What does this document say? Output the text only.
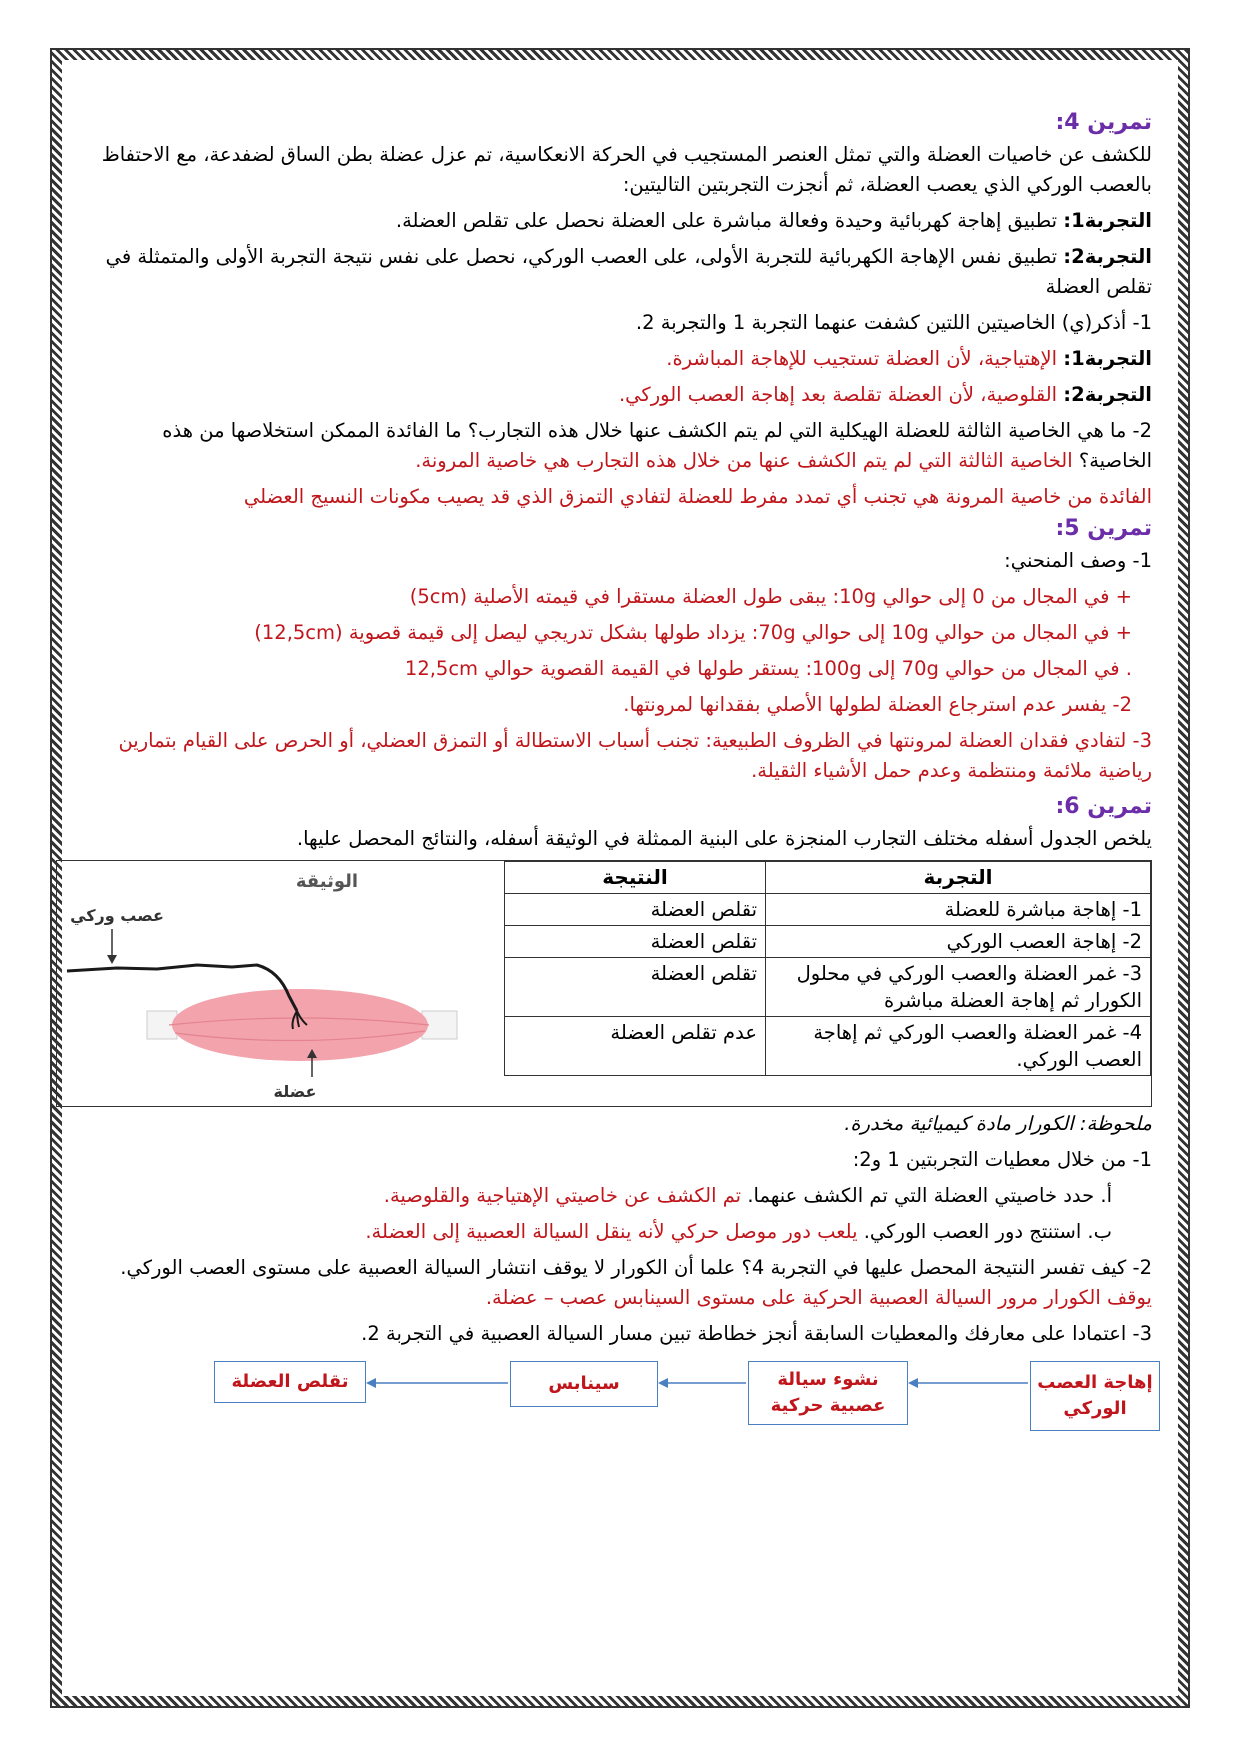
تمرين 4:
للكشف عن خاصيات العضلة والتي تمثل العنصر المستجيب في الحركة الانعكاسية، تم عزل عضلة بطن الساق لضفدعة، مع الاحتفاظ بالعصب الوركي الذي يعصب العضلة، ثم أنجزت التجربتين التاليتين:
التجربة1: تطبيق إهاجة كهربائية وحيدة وفعالة مباشرة على العضلة نحصل على تقلص العضلة.
التجربة2: تطبيق نفس الإهاجة الكهربائية للتجربة الأولى، على العصب الوركي، نحصل على نفس نتيجة التجربة الأولى والمتمثلة في تقلص العضلة
1- أذكر(ي) الخاصيتين اللتين كشفت عنهما التجربة 1 والتجربة 2.
التجربة1: الإهتياجية، لأن العضلة تستجيب للإهاجة المباشرة.
التجربة2: القلوصية، لأن العضلة تقلصة بعد إهاجة العصب الوركي.
2- ما هي الخاصية الثالثة للعضلة الهيكلية التي لم يتم الكشف عنها خلال هذه التجارب؟ ما الفائدة الممكن استخلاصها من هذه الخاصية؟ الخاصية الثالثة التي لم يتم الكشف عنها من خلال هذه التجارب هي خاصية المرونة.
الفائدة من خاصية المرونة هي تجنب أي تمدد مفرط للعضلة لتفادي التمزق الذي قد يصيب مكونات النسيج العضلي
تمرين 5:
1- وصف المنحني:
+ في المجال من 0 إلى حوالي 10g: يبقى طول العضلة مستقرا في قيمته الأصلية (5cm)
+ في المجال من حوالي 10g إلى حوالي 70g: يزداد طولها بشكل تدريجي ليصل إلى قيمة قصوية (12,5cm)
. في المجال من حوالي 70g إلى 100g: يستقر طولها في القيمة القصوية حوالي 12,5cm
2- يفسر عدم استرجاع العضلة لطولها الأصلي بفقدانها لمرونتها.
3- لتفادي فقدان العضلة لمرونتها في الظروف الطبيعية: تجنب أسباب الاستطالة أو التمزق العضلي، أو الحرص على القيام بتمارين رياضية ملائمة ومنتظمة وعدم حمل الأشياء الثقيلة.
تمرين 6:
يلخص الجدول أسفله مختلف التجارب المنجزة على البنية الممثلة في الوثيقة أسفله، والنتائج المحصل عليها.
الوثيقة
عصب وركي
عضلة
التجربة	النتيجة
1- إهاجة مباشرة للعضلة	تقلص العضلة
2- إهاجة العصب الوركي	تقلص العضلة
3- غمر العضلة والعصب الوركي في محلول الكورار ثم إهاجة العضلة مباشرة	تقلص العضلة
4- غمر العضلة والعصب الوركي ثم إهاجة العصب الوركي.	عدم تقلص العضلة
ملحوظة: الكورار مادة كيميائية مخدرة.
1- من خلال معطيات التجربتين 1 و2:
أ. حدد خاصيتي العضلة التي تم الكشف عنهما. تم الكشف عن خاصيتي الإهتياجية والقلوصية.
ب. استنتج دور العصب الوركي. يلعب دور موصل حركي لأنه ينقل السيالة العصبية إلى العضلة.
2- كيف تفسر النتيجة المحصل عليها في التجربة 4؟ علما أن الكورار لا يوقف انتشار السيالة العصبية على مستوى العصب الوركي. يوقف الكورار مرور السيالة العصبية الحركية على مستوى السينابس عصب – عضلة.
3- اعتمادا على معارفك والمعطيات السابقة أنجز خطاطة تبين مسار السيالة العصبية في التجربة 2.
تقلص العضلة	سينابس	نشوء سيالة عصبية حركية
إهاجة العصب الوركي
